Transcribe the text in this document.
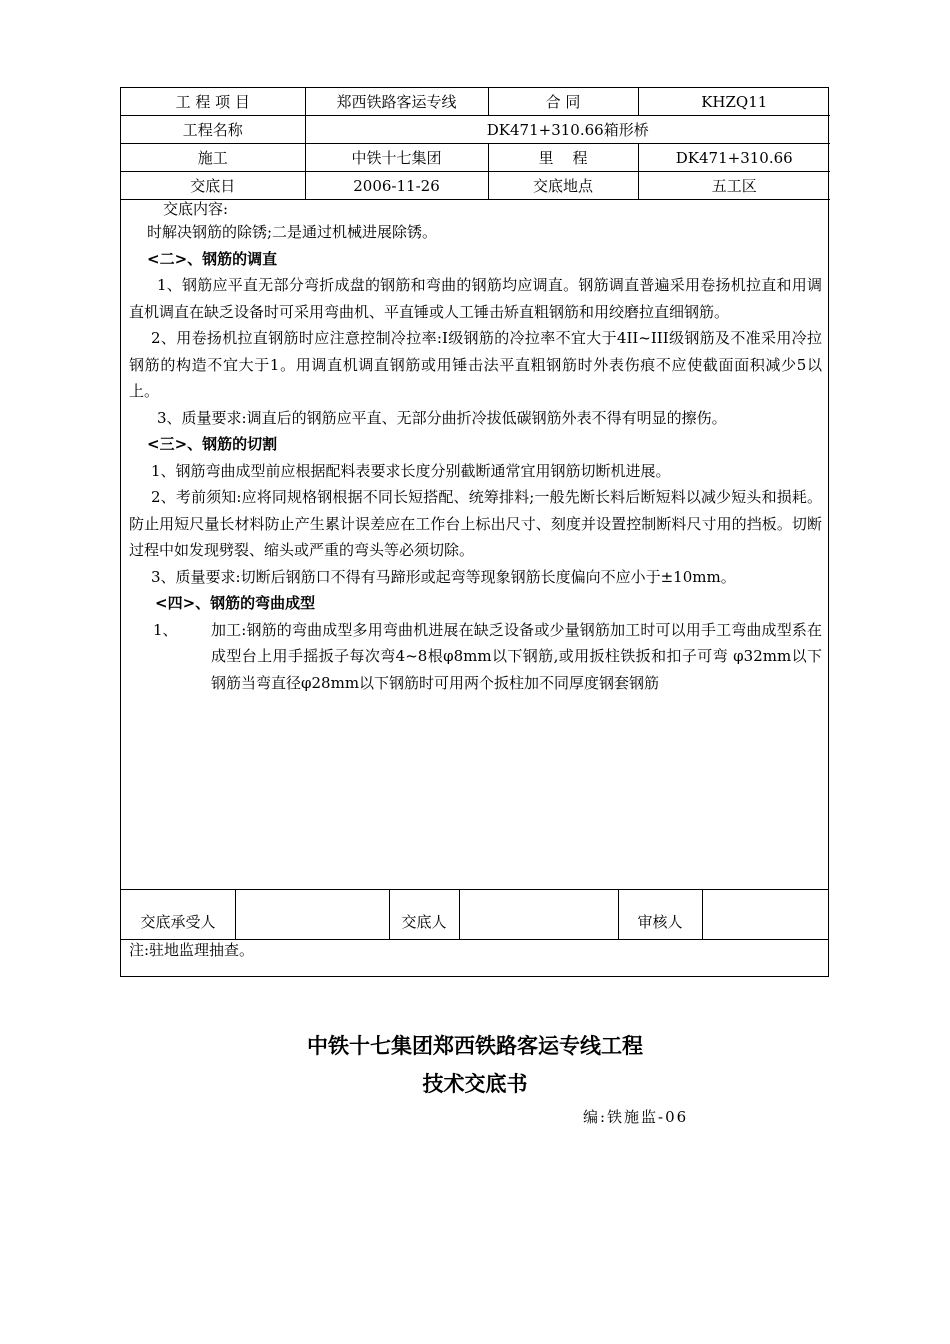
工 程 项 目	郑西铁路客运专线	合 同	KHZQ11
工程名称	DK471+310.66箱形桥		
施工	中铁十七集团	里    程	DK471+310.66
交底日	2006-11-26	交底地点	五工区

交底内容:

时解决钢筋的除锈;二是通过机械进展除锈。

<二>、钢筋的调直

1、钢筋应平直无部分弯折成盘的钢筋和弯曲的钢筋均应调直。钢筋调直普遍采用卷扬机拉直和用调直机调直在缺乏设备时可采用弯曲机、平直锤或人工锤击矫直粗钢筋和用绞磨拉直细钢筋。

2、用卷扬机拉直钢筋时应注意控制冷拉率:I级钢筋的冷拉率不宜大于4II~III级钢筋及不准采用冷拉钢筋的构造不宜大于1。用调直机调直钢筋或用锤击法平直粗钢筋时外表伤痕不应使截面面积减少5以上。

3、质量要求:调直后的钢筋应平直、无部分曲折冷拔低碳钢筋外表不得有明显的擦伤。

<三>、钢筋的切割

1、钢筋弯曲成型前应根据配料表要求长度分别截断通常宜用钢筋切断机进展。

2、考前须知:应将同规格钢根据不同长短搭配、统筹排料;一般先断长料后断短料以减少短头和损耗。防止用短尺量长材料防止产生累计误差应在工作台上标出尺寸、刻度并设置控制断料尺寸用的挡板。切断过程中如发现劈裂、缩头或严重的弯头等必须切除。

3、质量要求:切断后钢筋口不得有马蹄形或起弯等现象钢筋长度偏向不应小于±10mm。

<四>、钢筋的弯曲成型

1、	加工:钢筋的弯曲成型多用弯曲机进展在缺乏设备或少量钢筋加工时可以用手工弯曲成型系在成型台上用手摇扳子每次弯4~8根φ8mm以下钢筋,或用扳柱铁扳和扣子可弯 φ32mm以下钢筋当弯直径φ28mm以下钢筋时可用两个扳柱加不同厚度钢套钢筋
交底承受人	交底人	审核人
注:驻地监理抽查。
中铁十七集团郑西铁路客运专线工程
技术交底书
编:铁施监-06
